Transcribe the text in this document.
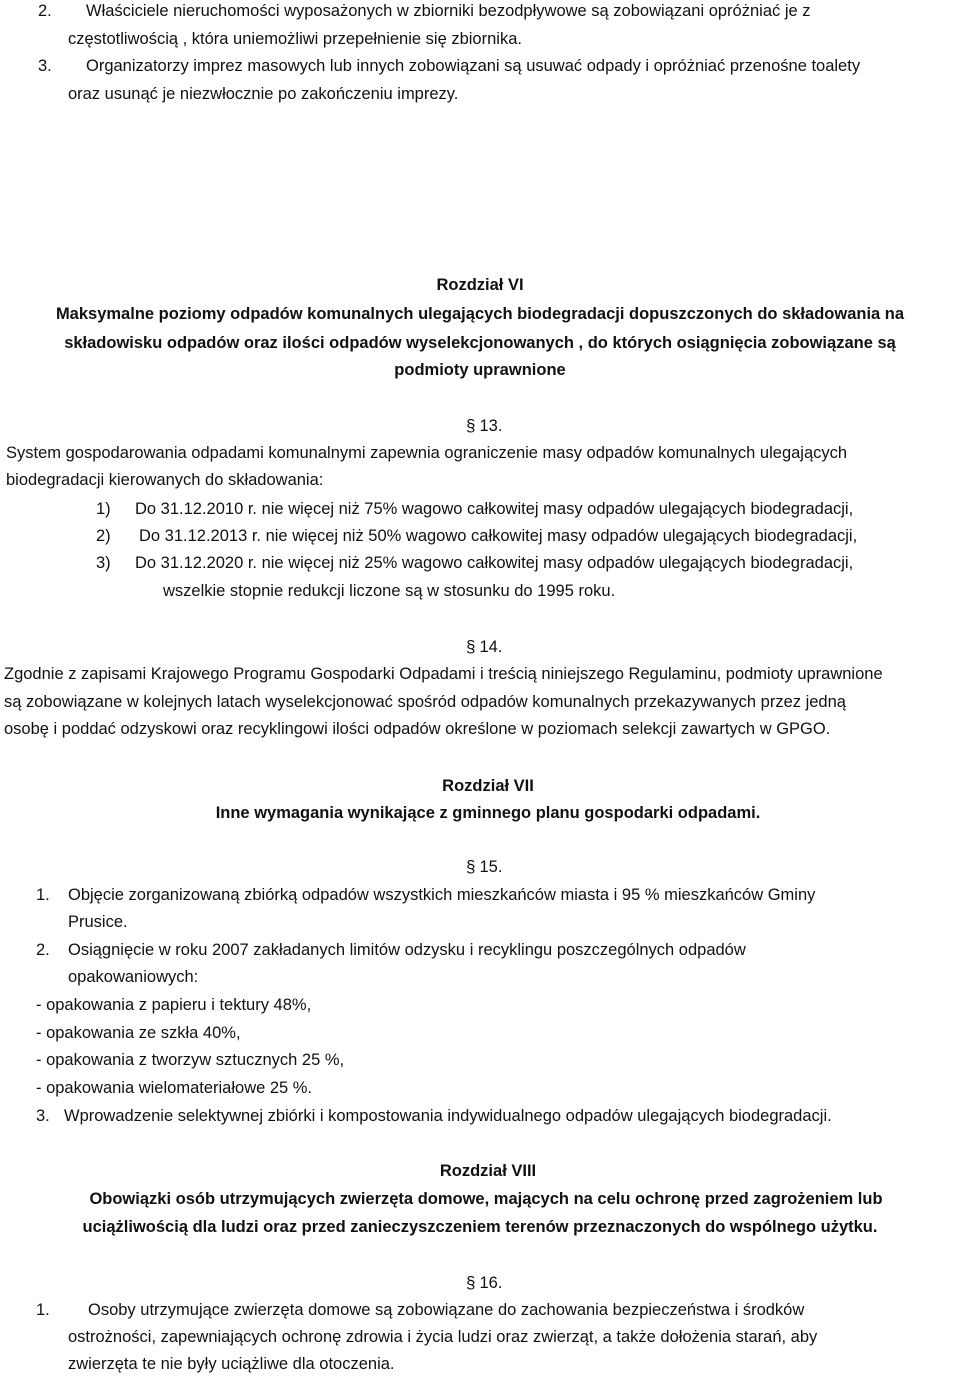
2. Właściciele nieruchomości wyposażonych w zbiorniki bezodpływowe są zobowiązani opróżniać je z
częstotliwością , która uniemożliwi przepełnienie się zbiornika.
3. Organizatorzy imprez masowych lub innych zobowiązani są usuwać odpady i opróżniać przenośne toalety
oraz usunąć je niezwłocznie po zakończeniu imprezy.
Rozdział VI
Maksymalne poziomy odpadów komunalnych ulegających biodegradacji dopuszczonych do składowania na
składowisku odpadów oraz ilości odpadów wyselekcjonowanych , do których osiągnięcia zobowiązane są
podmioty uprawnione
§ 13.
System gospodarowania odpadami komunalnymi zapewnia ograniczenie masy odpadów komunalnych ulegających
biodegradacji kierowanych do składowania:
1) Do 31.12.2010 r. nie więcej niż 75% wagowo całkowitej masy odpadów ulegających biodegradacji,
2) Do 31.12.2013 r. nie więcej niż 50% wagowo całkowitej masy odpadów ulegających biodegradacji,
3) Do 31.12.2020 r. nie więcej niż 25% wagowo całkowitej masy odpadów ulegających biodegradacji,
wszelkie stopnie redukcji liczone są w stosunku do 1995 roku.
§ 14.
Zgodnie z zapisami Krajowego Programu Gospodarki Odpadami i treścią niniejszego Regulaminu, podmioty uprawnione
są zobowiązane w kolejnych latach wyselekcjonować spośród odpadów komunalnych przekazywanych przez jedną
osobę i poddać odzyskowi oraz recyklingowi ilości odpadów określone w poziomach selekcji zawartych w GPGO.
Rozdział VII
Inne wymagania wynikające z gminnego planu gospodarki odpadami.
§ 15.
1. Objęcie zorganizowaną zbiórką odpadów wszystkich mieszkańców miasta i 95 % mieszkańców Gminy
Prusice.
2. Osiągnięcie w roku 2007 zakładanych limitów odzysku i recyklingu poszczególnych odpadów
opakowaniowych:
- opakowania z papieru i tektury 48%,
- opakowania ze szkła 40%,
- opakowania z tworzyw sztucznych 25 %,
- opakowania wielomateriałowe 25 %.
3. Wprowadzenie selektywnej zbiórki i kompostowania indywidualnego odpadów ulegających biodegradacji.
Rozdział VIII
Obowiązki osób utrzymujących zwierzęta domowe, mających na celu ochronę przed zagrożeniem lub
uciążliwością dla ludzi oraz przed zanieczyszczeniem terenów przeznaczonych do wspólnego użytku.
§ 16.
1. Osoby utrzymujące zwierzęta domowe są zobowiązane do zachowania bezpieczeństwa i środków
ostrożności, zapewniających ochronę zdrowia i życia ludzi oraz zwierząt, a także dołożenia starań, aby
zwierzęta te nie były uciążliwe dla otoczenia.
